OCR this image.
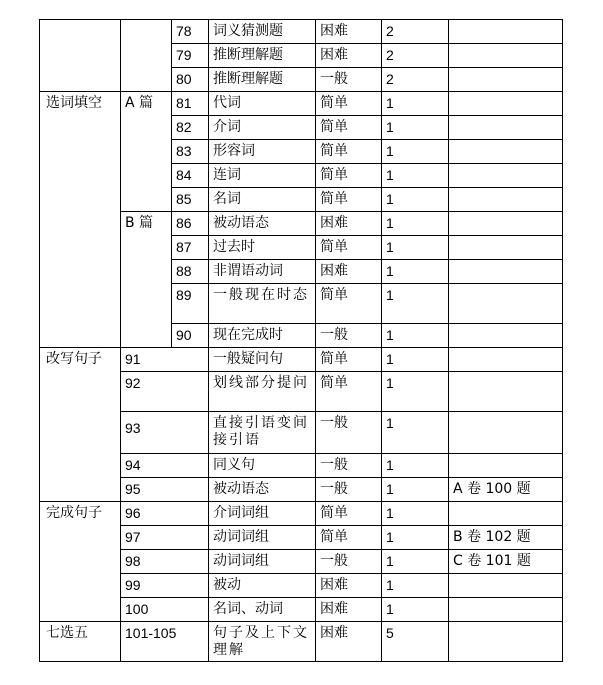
		78	词义猜测题	困难	2	
		79	推断理解题	困难	2	
		80	推断理解题	一般	2	
选词填空	A 篇	81	代词	简单	1	
		82	介词	简单	1	
		83	形容词	简单	1	
		84	连词	简单	1	
		85	名词	简单	1	
	B 篇	86	被动语态	困难	1	
		87	过去时	简单	1	
		88	非谓语动词	困难	1	
		89	一般现在时态	简单	1	
		90	现在完成时	一般	1	
改写句子	91		一般疑问句	简单	1	
	92		划线部分提问	简单	1	
	93		直接引语变间接引语	一般	1	
	94		同义句	一般	1	
	95		被动语态	一般	1	A 卷 100 题
完成句子	96		介词词组	简单	1	
	97		动词词组	简单	1	B 卷 102 题
	98		动词词组	一般	1	C 卷 101 题
	99		被动	困难	1	
	100		名词、动词	困难	1	
七选五	101-105		句子及上下文理解	困难	5	
